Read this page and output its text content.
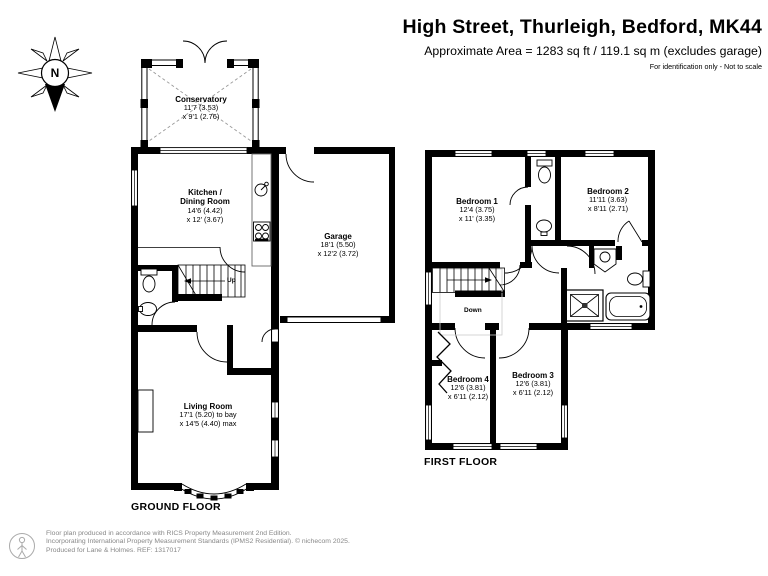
High Street, Thurleigh, Bedford, MK44
Approximate Area = 1283 sq ft / 119.1 sq m (excludes garage)
For identification only - Not to scale
N
Conservatory
11'7 (3.53)
x 9'1 (2.76)
Kitchen /
Dining Room
14'6 (4.42)
x 12' (3.67)
Garage
18'1 (5.50)
x 12'2 (3.72)
Living Room
17'1 (5.20) to bay
x 14'5 (4.40) max
Bedroom 1
12'4 (3.75)
x 11' (3.35)
Bedroom 2
11'11 (3.63)
x 8'11 (2.71)
Bedroom 3
12'6 (3.81)
x 6'11 (2.12)
Bedroom 4
12'6 (3.81)
x 6'11 (2.12)
Up
Down
GROUND FLOOR
FIRST FLOOR
Floor plan produced in accordance with RICS Property Measurement 2nd Edition.
Incorporating International Property Measurement Standards (IPMS2 Residential). © nichecom 2025.
Produced for Lane & Holmes. REF: 1317017
